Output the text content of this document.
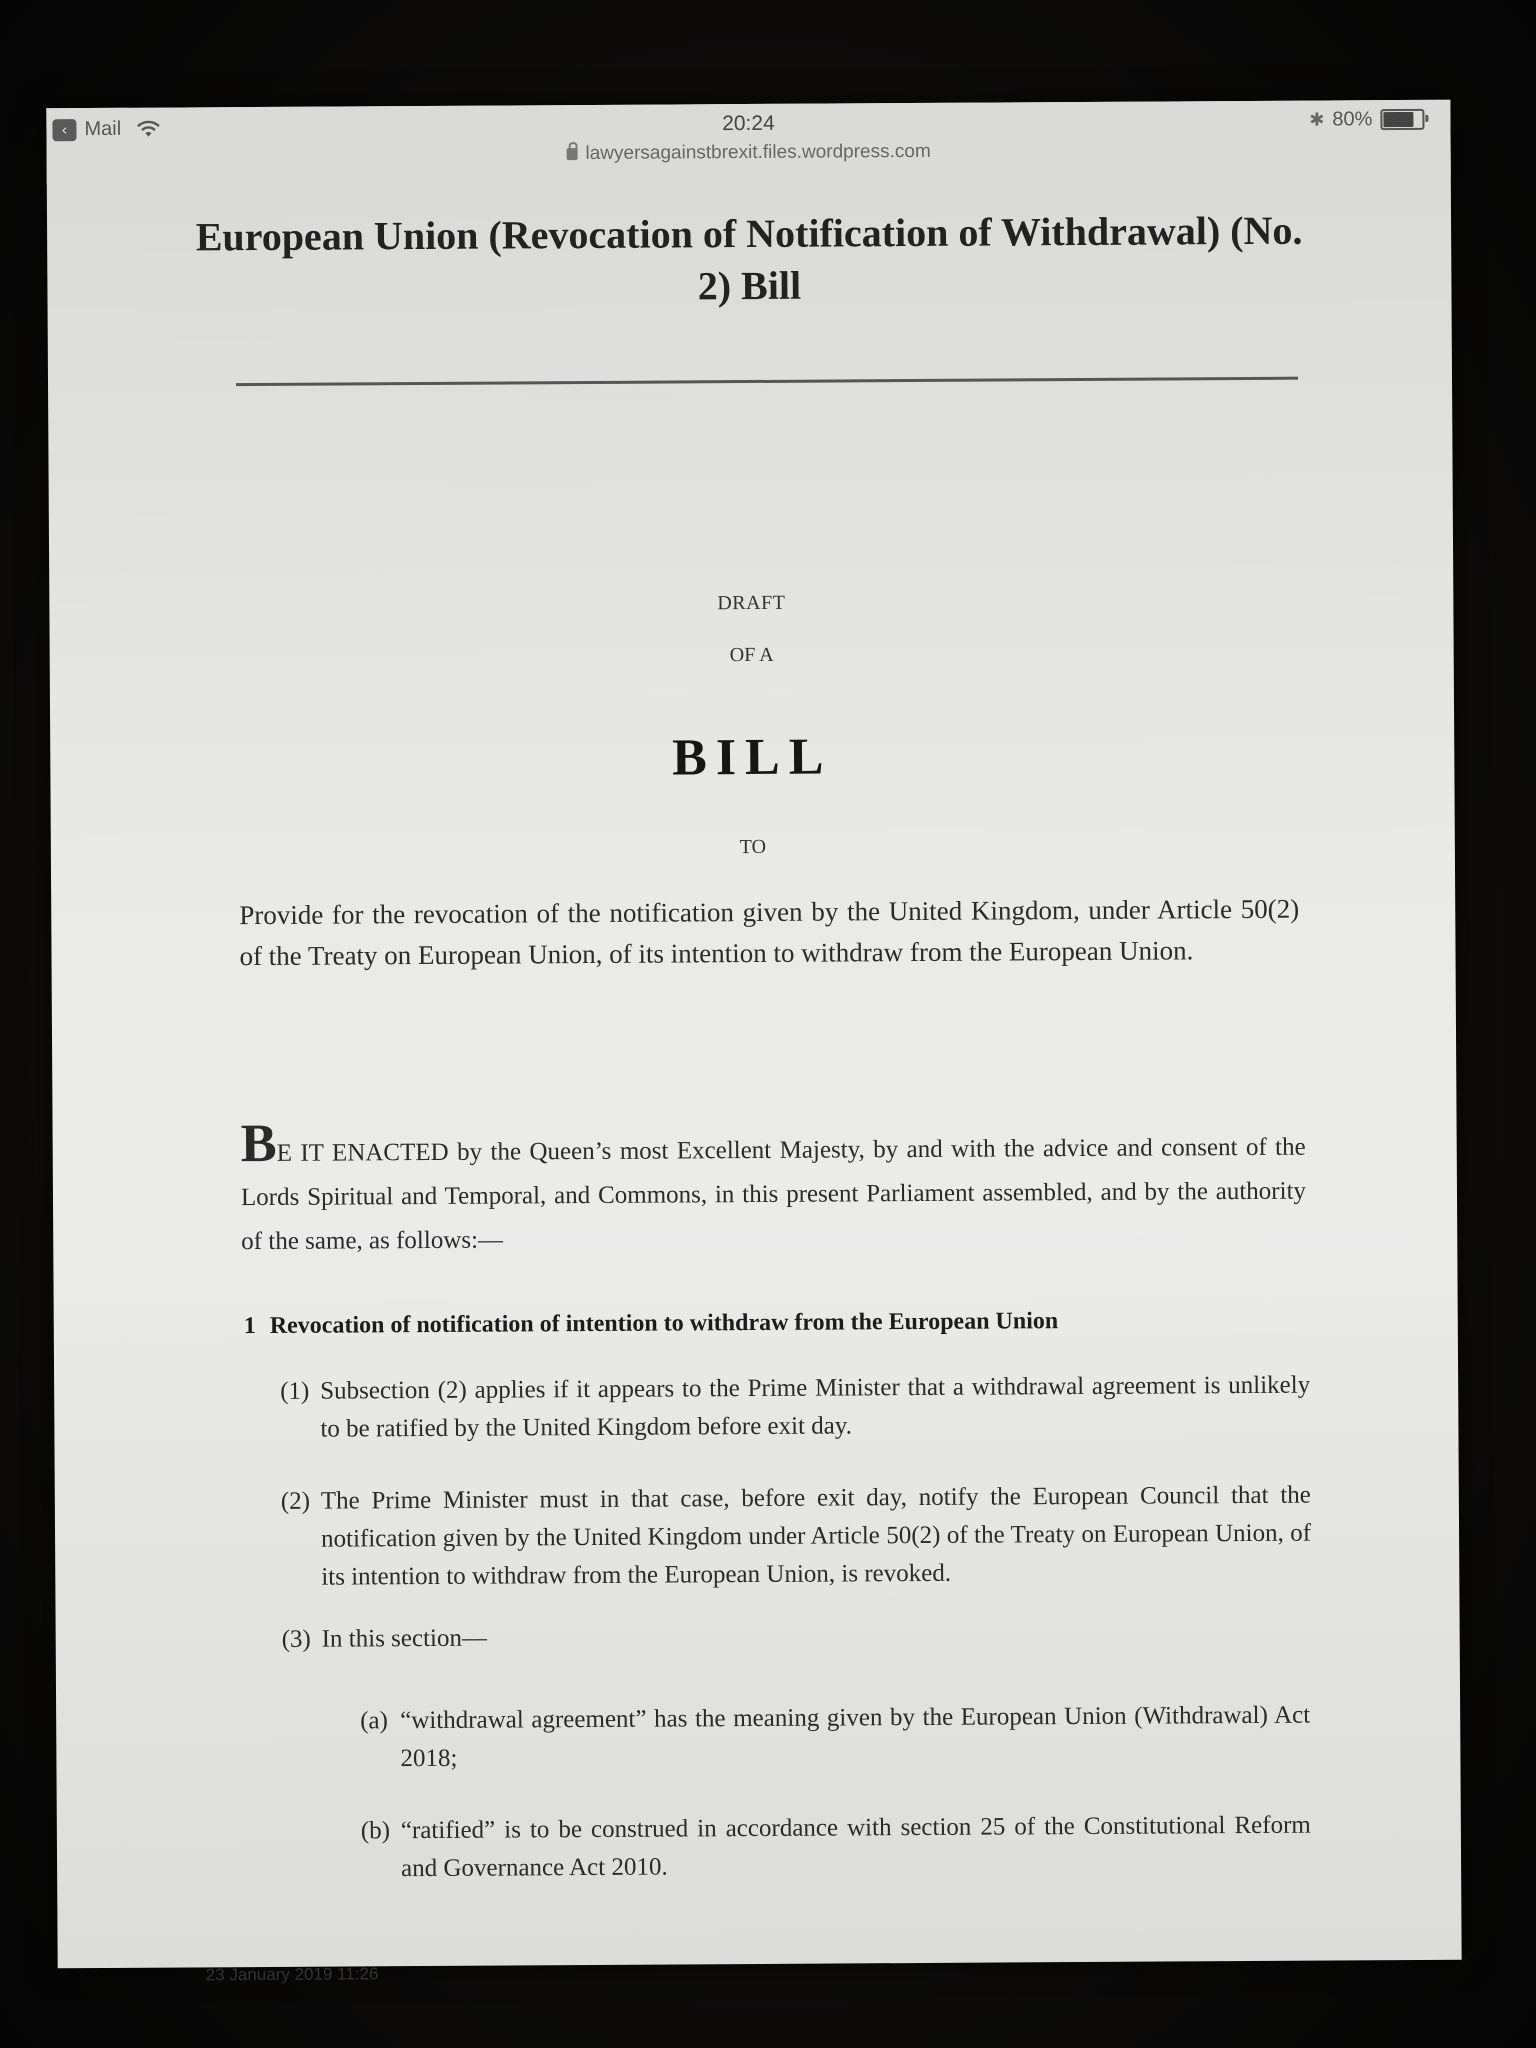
‹ Mail	20:24
lawyersagainstbrexit.files.wordpress.com
✱ 80%
European Union (Revocation of Notification of Withdrawal) (No. 2) Bill
DRAFT
OF A
BILL
TO
Provide for the revocation of the notification given by the United Kingdom, under Article 50(2) of the Treaty on European Union, of its intention to withdraw from the European Union.
BE IT ENACTED by the Queen’s most Excellent Majesty, by and with the advice and consent of the Lords Spiritual and Temporal, and Commons, in this present Parliament assembled, and by the authority of the same, as follows:—
1 Revocation of notification of intention to withdraw from the European Union
(1) Subsection (2) applies if it appears to the Prime Minister that a withdrawal agreement is unlikely to be ratified by the United Kingdom before exit day.
(2) The Prime Minister must in that case, before exit day, notify the European Council that the notification given by the United Kingdom under Article 50(2) of the Treaty on European Union, of its intention to withdraw from the European Union, is revoked.
(3) In this section—
(a) “withdrawal agreement” has the meaning given by the European Union (Withdrawal) Act 2018;
(b) “ratified” is to be construed in accordance with section 25 of the Constitutional Reform and Governance Act 2010.
23 January 2019 11:26
